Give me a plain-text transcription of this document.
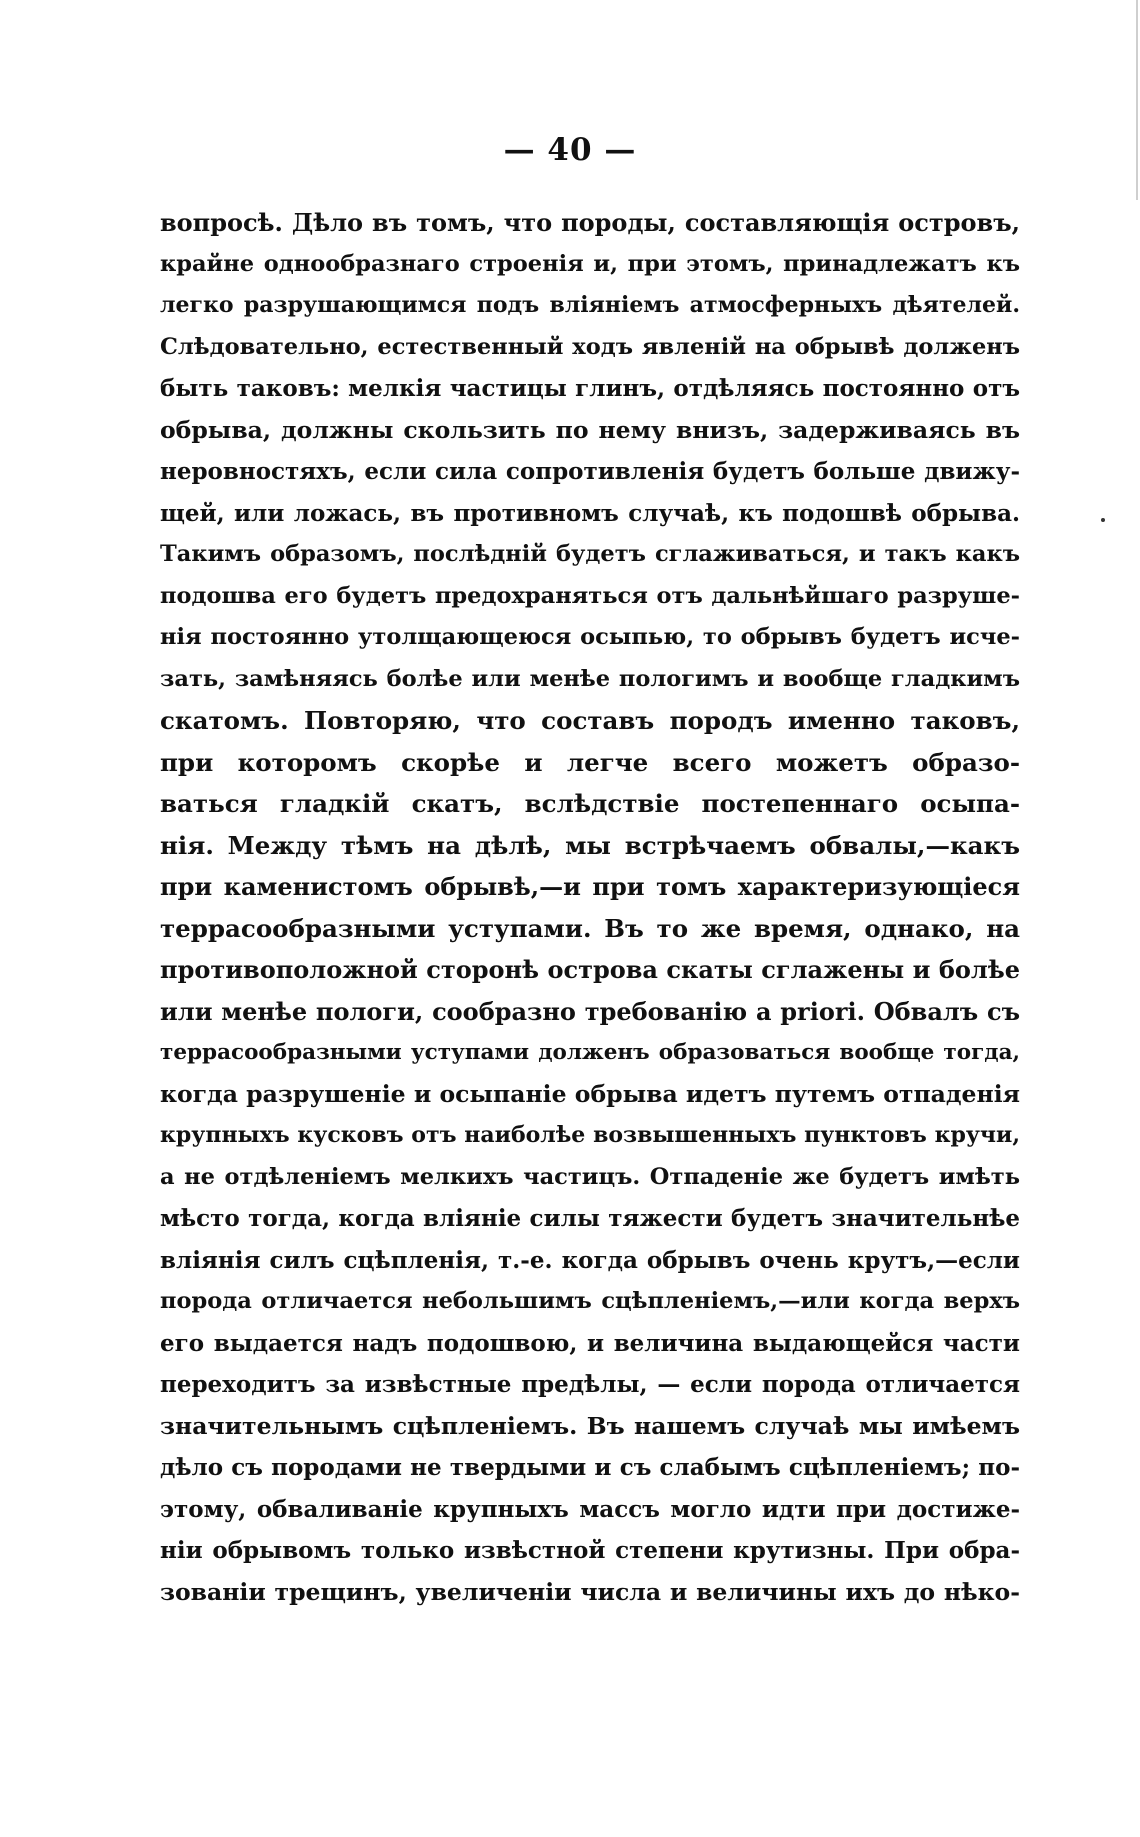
— 40 —
вопросѣ. Дѣло въ томъ, что породы, составляющія островъ,
крайне однообразнаго строенія и, при этомъ, принадлежатъ къ
легко разрушающимся подъ вліяніемъ атмосферныхъ дѣятелей.
Слѣдовательно, естественный ходъ явленій на обрывѣ долженъ
быть таковъ: мелкія частицы глинъ, отдѣляясь постоянно отъ
обрыва, должны скользить по нему внизъ, задерживаясь въ
неровностяхъ, если сила сопротивленія будетъ больше движу-
щей, или ложась, въ противномъ случаѣ, къ подошвѣ обрыва.
Такимъ образомъ, послѣдній будетъ сглаживаться, и такъ какъ
подошва его будетъ предохраняться отъ дальнѣйшаго разруше-
нія постоянно утолщающеюся осыпью, то обрывъ будетъ исче-
зать, замѣняясь болѣе или менѣе пологимъ и вообще гладкимъ
скатомъ. Повторяю, что составъ породъ именно таковъ,
при которомъ скорѣе и легче всего можетъ образо-
ваться гладкій скатъ, вслѣдствіе постепеннаго осыпа-
нія. Между тѣмъ на дѣлѣ, мы встрѣчаемъ обвалы,—какъ
при каменистомъ обрывѣ,—и при томъ характеризующіеся
террасообразными уступами. Въ то же время, однако, на
противоположной сторонѣ острова скаты сглажены и болѣе
или менѣе пологи, сообразно требованію a priori. Обвалъ съ
террасообразными уступами долженъ образоваться вообще тогда,
когда разрушеніе и осыпаніе обрыва идетъ путемъ отпаденія
крупныхъ кусковъ отъ наиболѣе возвышенныхъ пунктовъ кручи,
а не отдѣленіемъ мелкихъ частицъ. Отпаденіе же будетъ имѣть
мѣсто тогда, когда вліяніе силы тяжести будетъ значительнѣе
вліянія силъ сцѣпленія, т.-е. когда обрывъ очень крутъ,—если
порода отличается небольшимъ сцѣпленіемъ,—или когда верхъ
его выдается надъ подошвою, и величина выдающейся части
переходитъ за извѣстные предѣлы, — если порода отличается
значительнымъ сцѣпленіемъ. Въ нашемъ случаѣ мы имѣемъ
дѣло съ породами не твердыми и съ слабымъ сцѣпленіемъ; по-
этому, обваливаніе крупныхъ массъ могло идти при достиже-
ніи обрывомъ только извѣстной степени крутизны. При обра-
зованіи трещинъ, увеличеніи числа и величины ихъ до нѣко-
